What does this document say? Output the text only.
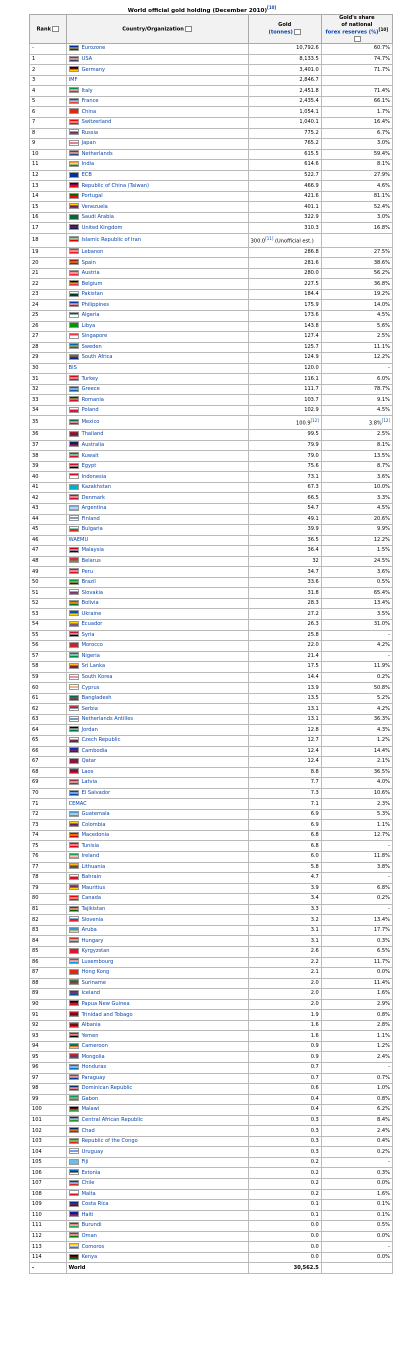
World official gold holding (December 2010)[10]
Rank	Country/Organization	Gold
(tonnes)	Gold's share
of national
forex reserves (%)[10]
-	Eurozone	10,792.6	60.7%
1	USA	8,133.5	74.7%
2	Germany	3,401.0	71.7%
3	IMF	2,846.7	
4	Italy	2,451.8	71.4%
5	France	2,435.4	66.1%
6	China	1,054.1	1.7%
7	Switzerland	1,040.1	16.4%
8	Russia	775.2	6.7%
9	Japan	765.2	3.0%
10	Netherlands	615.5	59.4%
11	India	614.6	8.1%
12	ECB	522.7	27.9%
13	Republic of China (Taiwan)	466.9	4.6%
14	Portugal	421.6	81.1%
15	Venezuela	401.1	52.4%
16	Saudi Arabia	322.9	3.0%
17	United Kingdom	310.3	16.8%
18	Islamic Republic of Iran	300.0[11] (Unofficial est.)	
19	Lebanon	286.8	27.5%
20	Spain	281.6	38.6%
21	Austria	280.0	56.2%
22	Belgium	227.5	36.8%
23	Pakistan	184.4	19.2%
24	Philippines	175.9	14.0%
25	Algeria	173.6	4.5%
26	Libya	143.8	5.6%
27	Singapore	127.4	2.5%
28	Sweden	125.7	11.1%
29	South Africa	124.9	12.2%
30	BIS	120.0	-
31	Turkey	116.1	6.0%
32	Greece	111.7	78.7%
33	Romania	103.7	9.1%
34	Poland	102.9	4.5%
35	Mexico	100.9[12]	3.8%[12]
36	Thailand	99.5	2.5%
37	Australia	79.9	8.1%
38	Kuwait	79.0	13.5%
39	Egypt	75.6	8.7%
40	Indonesia	73.1	3.6%
41	Kazakhstan	67.3	10.0%
42	Denmark	66.5	3.3%
43	Argentina	54.7	4.5%
44	Finland	49.1	20.6%
45	Bulgaria	39.9	9.9%
46	WAEMU	36.5	12.2%
47	Malaysia	36.4	1.5%
48	Belarus	32	24.5%
49	Peru	34.7	3.6%
50	Brazil	33.6	0.5%
51	Slovakia	31.8	65.4%
52	Bolivia	28.3	13.4%
53	Ukraine	27.2	3.5%
54	Ecuador	26.3	31.0%
55	Syria	25.8	-
56	Morocco	22.0	4.2%
57	Nigeria	21.4	-
58	Sri Lanka	17.5	11.9%
59	South Korea	14.4	0.2%
60	Cyprus	13.9	50.8%
61	Bangladesh	13.5	5.2%
62	Serbia	13.1	4.2%
63	Netherlands Antilles	13.1	36.3%
64	Jordan	12.8	4.3%
65	Czech Republic	12.7	1.2%
66	Cambodia	12.4	14.4%
67	Qatar	12.4	2.1%
68	Laos	8.8	36.5%
69	Latvia	7.7	4.0%
70	El Salvador	7.3	10.6%
71	CEMAC	7.1	2.3%
72	Guatemala	6.9	5.3%
73	Colombia	6.9	1.1%
74	Macedonia	6.8	12.7%
75	Tunisia	6.8	-
76	Ireland	6.0	11.8%
77	Lithuania	5.8	3.8%
78	Bahrain	4.7	-
79	Mauritius	3.9	6.8%
80	Canada	3.4	0.2%
81	Tajikistan	3.3	-
82	Slovenia	3.2	13.4%
83	Aruba	3.1	17.7%
84	Hungary	3.1	0.3%
85	Kyrgyzstan	2.6	6.5%
86	Luxembourg	2.2	11.7%
87	Hong Kong	2.1	0.0%
88	Suriname	2.0	11.4%
89	Iceland	2.0	1.6%
90	Papua New Guinea	2.0	2.9%
91	Trinidad and Tobago	1.9	0.8%
92	Albania	1.6	2.8%
93	Yemen	1.6	1.1%
94	Cameroon	0.9	1.2%
95	Mongolia	0.9	2.4%
96	Honduras	0.7	-
97	Paraguay	0.7	0.7%
98	Dominican Republic	0.6	1.0%
99	Gabon	0.4	0.8%
100	Malawi	0.4	6.2%
101	Central African Republic	0.3	8.4%
102	Chad	0.3	2.4%
103	Republic of the Congo	0.3	0.4%
104	Uruguay	0.3	0.2%
105	Fiji	0.2	-
106	Estonia	0.2	0.3%
107	Chile	0.2	0.0%
108	Malta	0.2	1.6%
109	Costa Rica	0.1	0.1%
110	Haiti	0.1	0.1%
111	Burundi	0.0	0.5%
112	Oman	0.0	0.0%
113	Comoros	0.0	-
114	Kenya	0.0	0.0%
-	World	30,562.5	
